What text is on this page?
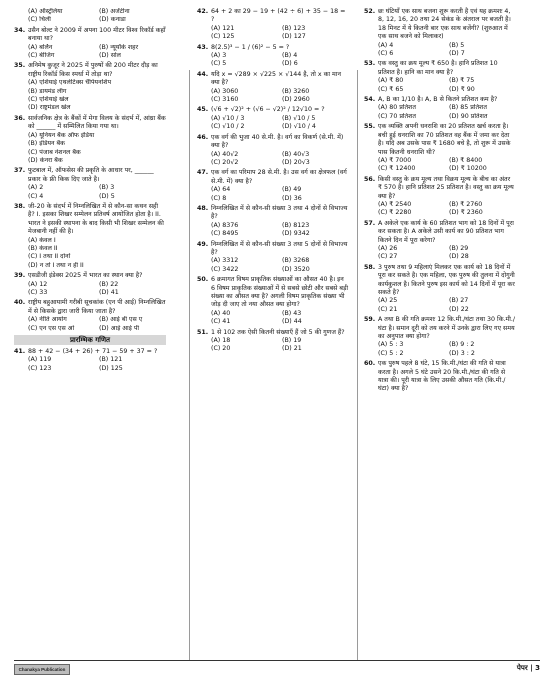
(A) ऑस्ट्रेलिया	(B) अर्जेंटीना
(C) चिली	(D) कनाडा
34. उसैन बोल्ट ने 2009 में अपना 100 मीटर विश्व रिकॉर्ड कहाँ बनाया था?
(A) बर्लिन	(B) न्यूयॉर्क शहर
(C) बीजिंग	(D) सोल
35. अनिमेष कुजूर ने 2025 में पुरुषों की 200 मीटर दौड़ का राष्ट्रीय रिकॉर्ड किस स्पर्धा में तोड़ा था?
(A) एशियाई एथलेटिक्स चैंपियनशिप
(B) डायमंड लीग
(C) एशियाई खेल
(D) राष्ट्रमंडल खेल
36. सार्वजनिक क्षेत्र के बैंकों में मेगा विलय के संदर्भ में, आंध्रा बैंक को ______ में सम्मिलित किया गया था।
(A) यूनियन बैंक ऑफ इंडिया
(B) इंडियन बैंक
(C) पंजाब नेशनल बैंक
(D) केनरा बैंक
37. फुटबाल में, ऑफसेस की प्रकृति के आधार पर, ______ प्रकार के फ्री किक दिए जाते है।
(A) 2	(B) 3
(C) 4	(D) 5
38. जी-20 के संदर्भ में निम्नलिखित में से कौन-सा कथन सही है? I. इसका शिखर सम्मेलन प्रतिवर्ष आयोजित होता है। II. भारत ने इसकी स्थापना के बाद किसी भी शिखर सम्मेलन की मेजबानी नहीं की है।
(A) केवल I
(B) केवल II
(C) I तथा II दोनों
(D) न तो I तथा न ही II
39. एसडीजी इंडेक्स 2025 में भारत का स्थान क्या है?
(A) 12	(B) 22
(C) 33	(D) 41
40. राष्ट्रीय बहुआयामी गरीबी सूचकांक (एन पी आई) निम्नलिखित में से किसके द्वारा जारी किया जाता है?
(A) नीति आयोग	(B) आई बी एस ए
(C) एन एस एस ओ	(D) आई आई पी
प्रारम्भिक गणित
41. 88 + 42 − (34 + 26) + 71 − 59 + 37 = ?
(A) 119	(B) 121
(C) 123	(D) 125
42. 64 + 2 का 29 − 19 + (42 ÷ 6) + 35 − 18 = ?
(A) 121	(B) 123
(C) 125	(D) 127
43. 8(2.5)³ − 1 / (6)² − 5 = ?
(A) 3	(B) 4
(C) 5	(D) 6
44. यदि x = √289 × √225 × √144 है, तो x का मान क्या है?
(A) 3060	(B) 3260
(C) 3160	(D) 2960
45. (√6 + √2)² + (√6 − √2)² / 12√10 = ?
(A) √10 / 3	(B) √10 / 5
(C) √10 / 2	(D) √10 / 4
46. एक वर्ग की भुजा 40 से.मी. है। वर्ग का विकर्ण (से.मी. में) क्या है?
(A) 40√2	(B) 40√3
(C) 20√2	(D) 20√3
47. एक वर्ग का परिमाप 28 से.मी. है। उस वर्ग का क्षेत्रफल (वर्ग से.मी. में) क्या है?
(A) 64	(B) 49
(C) 8	(D) 36
48. निम्नलिखित में से कौन-सी संख्या 3 तथा 4 दोनों से विभाज्य है?
(A) 8376	(B) 8123
(C) 8495	(D) 9342
49. निम्नलिखित में से कौन-सी संख्या 3 तथा 5 दोनों से विभाज्य है?
(A) 3312	(B) 3268
(C) 3422	(D) 3520
50. 6 क्रमागत विषम प्राकृतिक संख्याओं का औसत 40 है। इन 6 विषम प्राकृतिक संख्याओं में से सबसे छोटी और सबसे बड़ी संख्या का औसत क्या है? अगली विषम प्राकृतिक संख्या भी जोड़ दी जाए तो नया औसत क्या होगा?
(A) 40	(B) 43
(C) 41	(D) 44
51. 1 से 102 तक ऐसी कितनी संख्याएँ हैं जो 5 की गुणज हैं?
(A) 18	(B) 19
(C) 20	(D) 21
52. छः घंटियाँ एक साथ बजना शुरू करती है एवं यह क्रमशः 4, 8, 12, 16, 20 तथा 24 सेकंड के अंतराल पर बजती है। 18 मिनट में ये कितनी बार एक साथ बजेंगी? (शुरुआत में एक साथ बजने को मिलाकर)
(A) 4	(B) 5
(C) 6	(D) 7
53. एक वस्तु का क्रय मूल्य ₹ 650 है। हानि प्रतिशत 10 प्रतिशत है। हानि का मान क्या है?
(A) ₹ 80	(B) ₹ 75
(C) ₹ 65	(D) ₹ 90
54. A, B का 1/10 है। A, B से कितने प्रतिशत कम है?
(A) 80 प्रतिशत	(B) 85 प्रतिशत
(C) 70 प्रतिशत	(D) 90 प्रतिशत
55. एक व्यक्ति अपनी धनराशि का 20 प्रतिशत खर्च करता है। बची हुई धनराशि का 70 प्रतिशत वह बैंक में जमा कर देता है। यदि अब उसके पास ₹ 1680 बचे है, तो शुरू में उसके पास कितनी धनराशि थी?
(A) ₹ 7000	(B) ₹ 8400
(C) ₹ 12400	(D) ₹ 10200
56. किसी वस्तु के क्रय मूल्य तथा विक्रय मूल्य के बीच का अंतर ₹ 570 है। हानि प्रतिशत 25 प्रतिशत है। वस्तु का क्रय मूल्य क्या है?
(A) ₹ 2540	(B) ₹ 2760
(C) ₹ 2280	(D) ₹ 2360
57. A अकेले एक कार्य के 60 प्रतिशत भाग को 18 दिनों में पूरा कर सकता है। A अकेले उसी कार्य का 90 प्रतिशत भाग कितने दिन में पूरा करेगा?
(A) 26	(B) 29
(C) 27	(D) 28
58. 3 पुरुष तथा 9 महिलाएं मिलकर एक कार्य को 18 दिनों में पूरा कर सकते है। एक महिला, एक पुरुष की तुलना में दोगुनी कार्यकुशल है। कितने पुरुष इस कार्य को 14 दिनों में पूरा कर सकते है?
(A) 25	(B) 27
(C) 21	(D) 22
59. A तथा B की गति क्रमशः 12 कि.मी./घंटा तथा 30 कि.मी./घंटा है। समान दूरी को तय करने में उनके द्वारा लिए गए समय का अनुपात क्या होगा?
(A) 5 : 3	(B) 9 : 2
(C) 5 : 2	(D) 3 : 2
60. एक पुरुष पहले 8 घंटे, 15 कि.मी./घंटा की गति से यात्रा करता है। अगले 5 घंटे उसने 20 कि.मी./घंटा की गति से यात्रा की। पूरी यात्रा के लिए उसकी औसत गति (कि.मी./घंटा) क्या है?
Chanakya Publication	पेपर | 3
